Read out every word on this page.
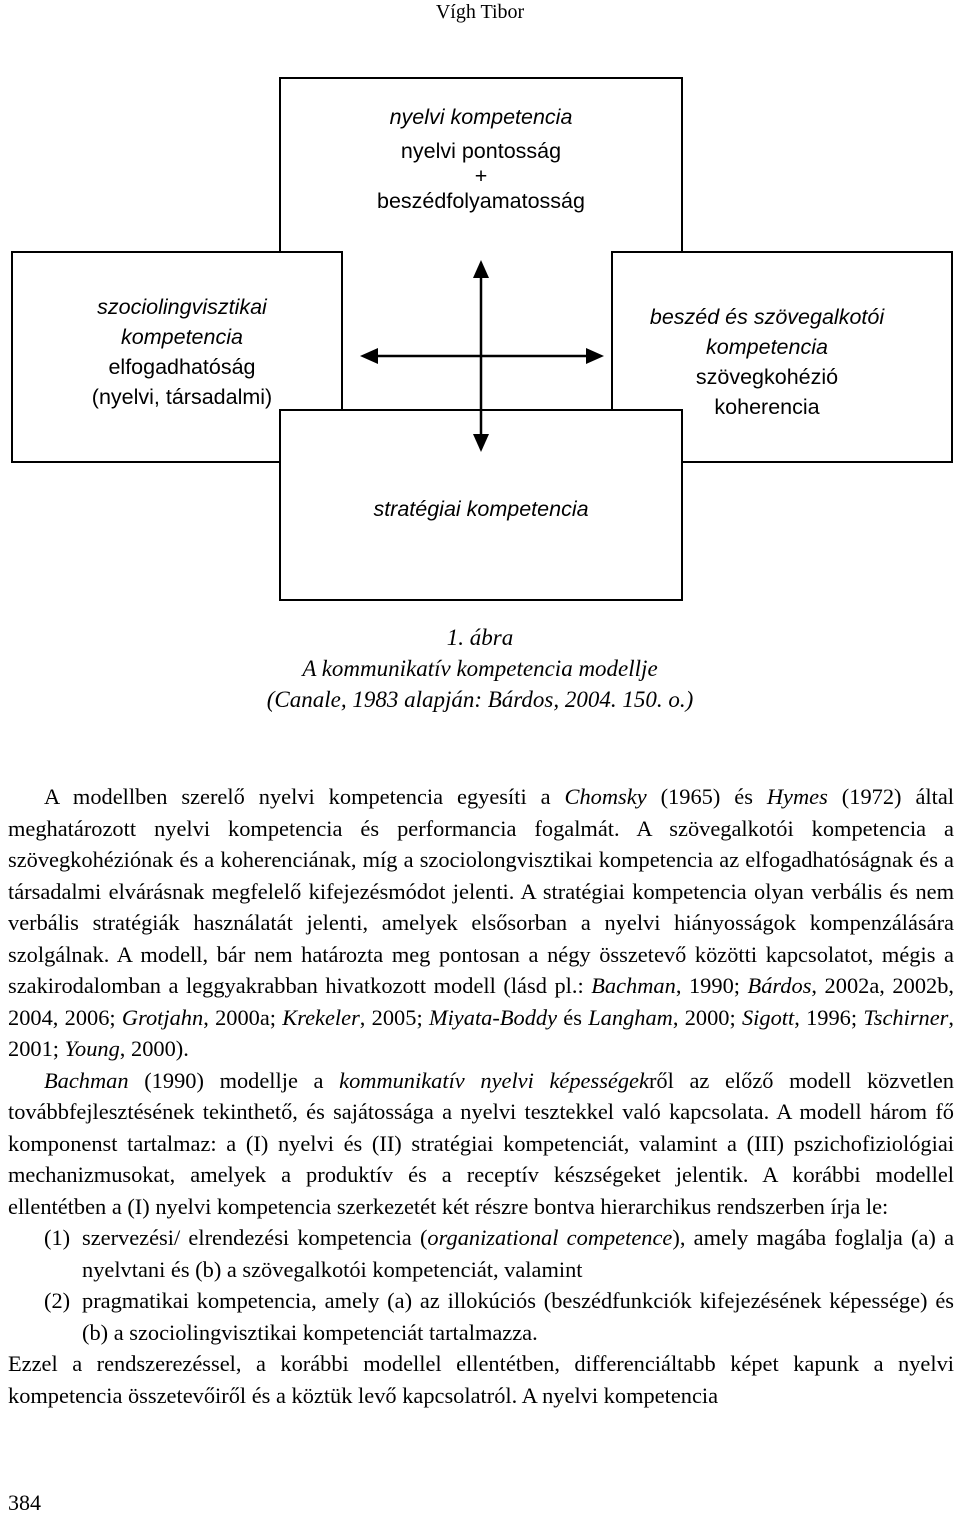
Vígh Tibor
nyelvi kompetencia
nyelvi pontosság
+
beszédfolyamatosság
szociolingvisztikai
kompetencia
elfogadhatóság
(nyelvi, társadalmi)
beszéd és szövegalkotói
kompetencia
szövegkohézió
koherencia
stratégiai kompetencia
1. ábra
A kommunikatív kompetencia modellje
(Canale, 1983 alapján: Bárdos, 2004. 150. o.)

A modellben szerelő nyelvi kompetencia egyesíti a Chomsky (1965) és Hymes (1972) által meghatározott nyelvi kompetencia és performancia fogalmát. A szövegalkotói kompetencia a szövegkohéziónak és a koherenciának, míg a szociolongvisztikai kompetencia az elfogadhatóságnak és a társadalmi elvárásnak megfelelő kifejezésmódot jelenti. A stratégiai kompetencia olyan verbális és nem verbális stratégiák használatát jelenti, amelyek elsősorban a nyelvi hiányosságok kompenzálására szolgálnak. A modell, bár nem határozta meg pontosan a négy összetevő közötti kapcsolatot, mégis a szakirodalomban a leggyakrabban hivatkozott modell (lásd pl.: Bachman, 1990; Bárdos, 2002a, 2002b, 2004, 2006; Grotjahn, 2000a; Krekeler, 2005; Miyata-Boddy és Langham, 2000; Sigott, 1996; Tschirner, 2001; Young, 2000).

Bachman (1990) modellje a kommunikatív nyelvi képességekről az előző modell közvetlen továbbfejlesztésének tekinthető, és sajátossága a nyelvi tesztekkel való kapcsolata. A modell három fő komponenst tartalmaz: a (I) nyelvi és (II) stratégiai kompetenciát, valamint a (III) pszichofiziológiai mechanizmusokat, amelyek a produktív és a receptív készségeket jelentik. A korábbi modellel ellentétben a (I) nyelvi kompetencia szerkezetét két részre bontva hierarchikus rendszerben írja le:

(1) szervezési/ elrendezési kompetencia (organizational competence), amely magába foglalja (a) a nyelvtani és (b) a szövegalkotói kompetenciát, valamint
(2) pragmatikai kompetencia, amely (a) az illokúciós (beszédfunkciók kifejezésének képessége) és (b) a szociolingvisztikai kompetenciát tartalmazza.

Ezzel a rendszerezéssel, a korábbi modellel ellentétben, differenciáltabb képet kapunk a nyelvi kompetencia összetevőiről és a köztük levő kapcsolatról. A nyelvi kompetencia

384
